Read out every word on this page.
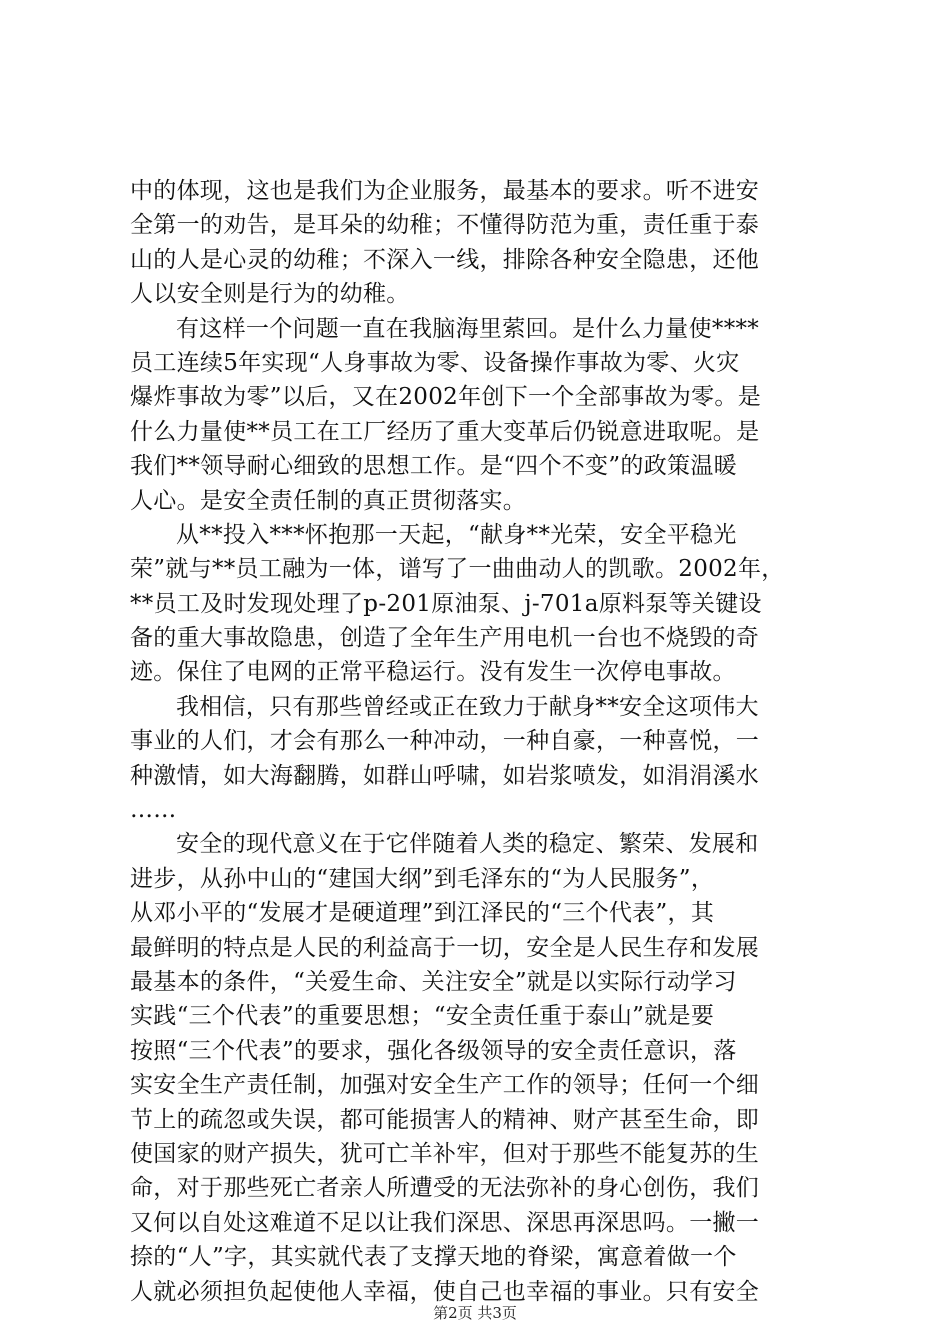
中的体现，这也是我们为企业服务，最基本的要求。听不进安
全第一的劝告，是耳朵的幼稚；不懂得防范为重，责任重于泰
山的人是心灵的幼稚；不深入一线，排除各种安全隐患，还他
人以安全则是行为的幼稚。
有这样一个问题一直在我脑海里萦回。是什么力量使****
员工连续5年实现“人身事故为零、设备操作事故为零、火灾
爆炸事故为零”以后，又在2002年创下一个全部事故为零。是
什么力量使**员工在工厂经历了重大变革后仍锐意进取呢。是
我们**领导耐心细致的思想工作。是“四个不变”的政策温暖
人心。是安全责任制的真正贯彻落实。
从**投入***怀抱那一天起，“献身**光荣，安全平稳光
荣”就与**员工融为一体，谱写了一曲曲动人的凯歌。2002年，
**员工及时发现处理了p-201原油泵、j-701a原料泵等关键设
备的重大事故隐患，创造了全年生产用电机一台也不烧毁的奇
迹。保住了电网的正常平稳运行。没有发生一次停电事故。
我相信，只有那些曾经或正在致力于献身**安全这项伟大
事业的人们，才会有那么一种冲动，一种自豪，一种喜悦，一
种激情，如大海翻腾，如群山呼啸，如岩浆喷发，如涓涓溪水
……
安全的现代意义在于它伴随着人类的稳定、繁荣、发展和
进步，从孙中山的“建国大纲”到毛泽东的“为人民服务”，
从邓小平的“发展才是硬道理”到江泽民的“三个代表”，其
最鲜明的特点是人民的利益高于一切，安全是人民生存和发展
最基本的条件，“关爱生命、关注安全”就是以实际行动学习
实践“三个代表”的重要思想；“安全责任重于泰山”就是要
按照“三个代表”的要求，强化各级领导的安全责任意识，落
实安全生产责任制，加强对安全生产工作的领导；任何一个细
节上的疏忽或失误，都可能损害人的精神、财产甚至生命，即
使国家的财产损失，犹可亡羊补牢，但对于那些不能复苏的生
命，对于那些死亡者亲人所遭受的无法弥补的身心创伤，我们
又何以自处这难道不足以让我们深思、深思再深思吗。一撇一
捺的“人”字，其实就代表了支撑天地的脊梁，寓意着做一个
人就必须担负起使他人幸福，使自己也幸福的事业。只有安全
第2页 共3页
